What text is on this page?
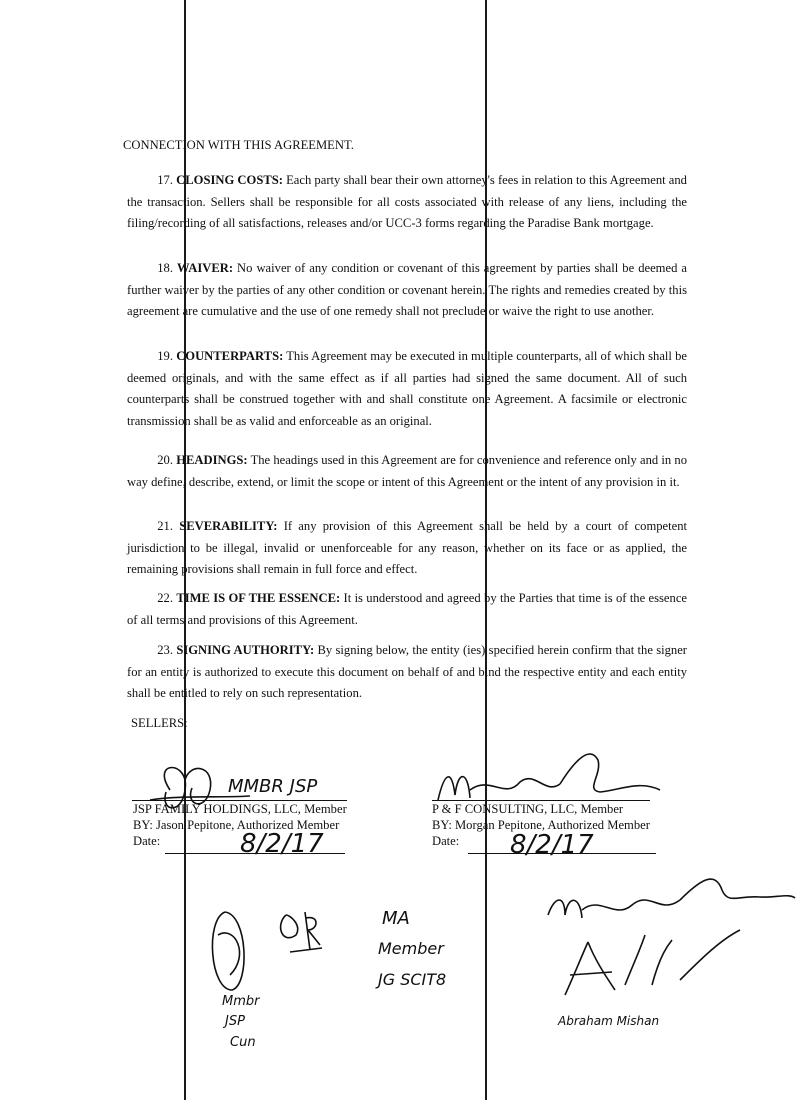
CONNECTION WITH THIS AGREEMENT.
17. CLOSING COSTS: Each party shall bear their own attorney's fees in relation to this Agreement and the transaction. Sellers shall be responsible for all costs associated with release of any liens, including the filing/recording of all satisfactions, releases and/or UCC-3 forms regarding the Paradise Bank mortgage.
18. WAIVER: No waiver of any condition or covenant of this agreement by parties shall be deemed a further waiver by the parties of any other condition or covenant herein. The rights and remedies created by this agreement are cumulative and the use of one remedy shall not preclude or waive the right to use another.
19. COUNTERPARTS: This Agreement may be executed in multiple counterparts, all of which shall be deemed originals, and with the same effect as if all parties had signed the same document. All of such counterparts shall be construed together with and shall constitute one Agreement. A facsimile or electronic transmission shall be as valid and enforceable as an original.
20. HEADINGS: The headings used in this Agreement are for convenience and reference only and in no way define, describe, extend, or limit the scope or intent of this Agreement or the intent of any provision in it.
21. SEVERABILITY: If any provision of this Agreement shall be held by a court of competent jurisdiction to be illegal, invalid or unenforceable for any reason, whether on its face or as applied, the remaining provisions shall remain in full force and effect.
22. TIME IS OF THE ESSENCE: It is understood and agreed by the Parties that time is of the essence of all terms and provisions of this Agreement.
23. SIGNING AUTHORITY: By signing below, the entity (ies) specified herein confirm that the signer for an entity is authorized to execute this document on behalf of and bind the respective entity and each entity shall be entitled to rely on such representation.
SELLERS:
JSP FAMILY HOLDINGS, LLC, Member
BY: Jason Pepitone, Authorized Member
Date:
P & F CONSULTING, LLC, Member
BY: Morgan Pepitone, Authorized Member
Date:
MMBR JSP
8/2/17	8/2/17
Mmbr
JSP
Cun
MA
Member
JG SCIT8
Abraham Mishan
